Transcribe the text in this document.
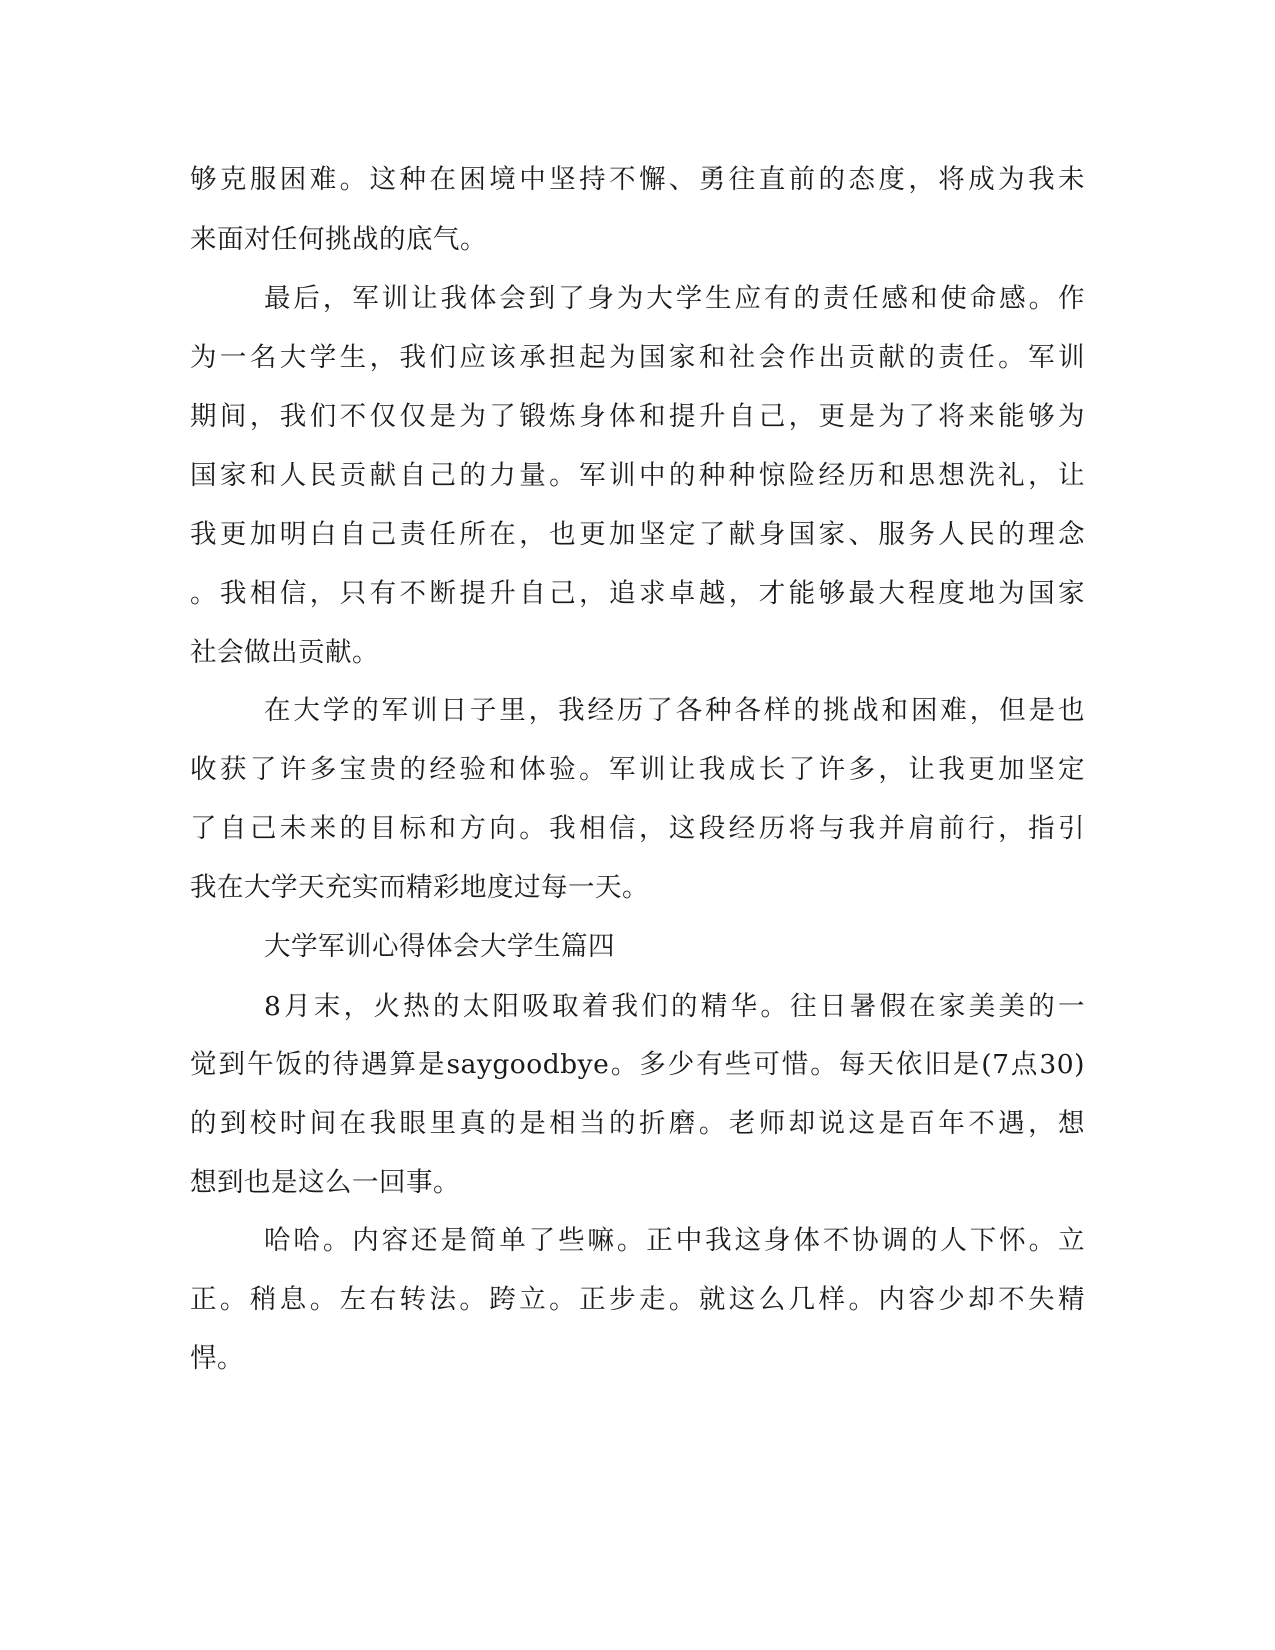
够克服困难。这种在困境中坚持不懈、勇往直前的态度，将成为我未

来面对任何挑战的底气。

最后，军训让我体会到了身为大学生应有的责任感和使命感。作

为一名大学生，我们应该承担起为国家和社会作出贡献的责任。军训

期间，我们不仅仅是为了锻炼身体和提升自己，更是为了将来能够为

国家和人民贡献自己的力量。军训中的种种惊险经历和思想洗礼，让

我更加明白自己责任所在，也更加坚定了献身国家、服务人民的理念

。我相信，只有不断提升自己，追求卓越，才能够最大程度地为国家

社会做出贡献。

在大学的军训日子里，我经历了各种各样的挑战和困难，但是也

收获了许多宝贵的经验和体验。军训让我成长了许多，让我更加坚定

了自己未来的目标和方向。我相信，这段经历将与我并肩前行，指引

我在大学天充实而精彩地度过每一天。

大学军训心得体会大学生篇四

8月末，火热的太阳吸取着我们的精华。往日暑假在家美美的一

觉到午饭的待遇算是saygoodbye。多少有些可惜。每天依旧是(7点30)

的到校时间在我眼里真的是相当的折磨。老师却说这是百年不遇，想

想到也是这么一回事。

哈哈。内容还是简单了些嘛。正中我这身体不协调的人下怀。立

正。稍息。左右转法。跨立。正步走。就这么几样。内容少却不失精

悍。
